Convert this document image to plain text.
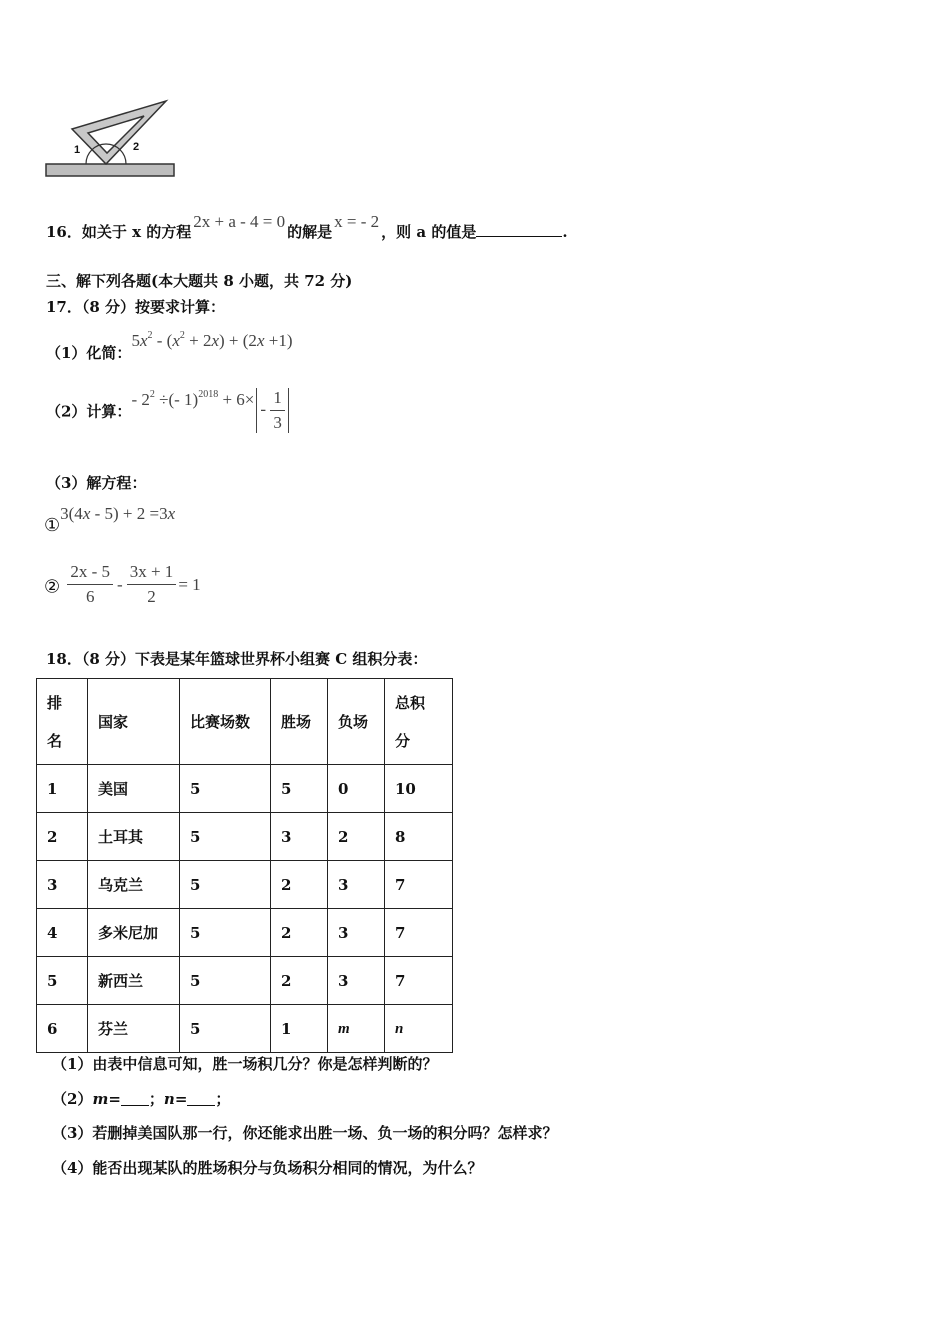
1	2
16．如关于 x 的方程2x + a - 4 = 0的解是x = - 2，则 a 的值是	.
三、解下列各题(本大题共 8 小题，共 72 分)
17．（8 分）按要求计算：
（1）化简：$5x^2 - (x^2 + 2x) + (2x +1)$
（2）计算：- $2^2$ ÷(- $1)^{2018} + 6\times- \frac{1}{3}$
（3）解方程：
①3(4x - 5) + 2 =3x
② $\frac{2x - 5}{6} - \frac{3x + 1}{2} = 1$
18．（8 分）下表是某年篮球世界杯小组赛 C 组积分表：
排名	国家	比赛场数	胜场	负场	总积分
1	美国	5	5	0	10
2	土耳其	5	3	2	8
3	乌克兰	5	2	3	7
4	多米尼加	5	2	3	7
5	新西兰	5	2	3	7
6	芬兰	5	1	m	n
（1）由表中信息可知，胜一场积几分？你是怎样判断的？
（2）m= ；n= ；
（3）若删掉美国队那一行，你还能求出胜一场、负一场的积分吗？怎样求？
（4）能否出现某队的胜场积分与负场积分相同的情况，为什么？
